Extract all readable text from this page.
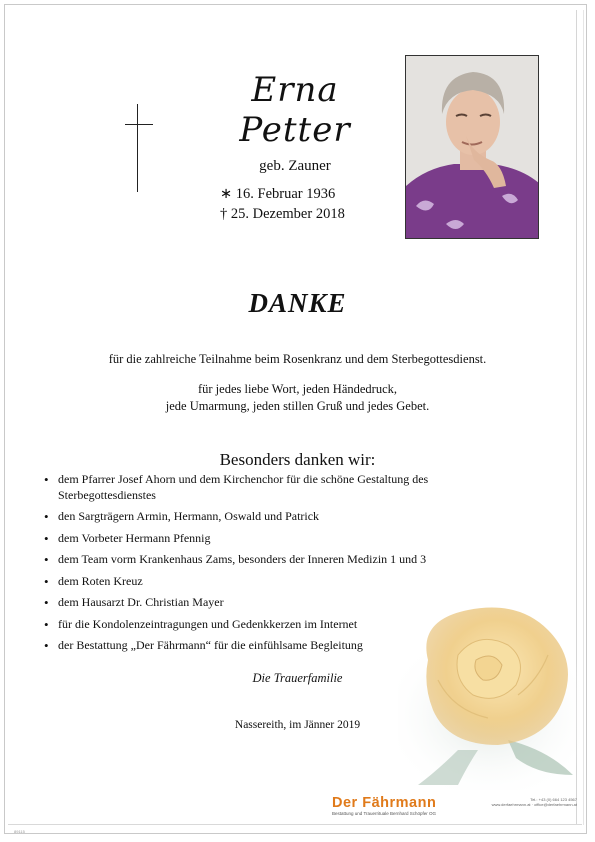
Erna
Petter
geb. Zauner
∗ 16. Februar 1936
† 25. Dezember 2018
DANKE
für die zahlreiche Teilnahme beim Rosenkranz und dem Sterbegottesdienst.
für jedes liebe Wort, jeden Händedruck,
jede Umarmung, jeden stillen Gruß und jedes Gebet.
Besonders danken wir:
• dem Pfarrer Josef Ahorn und dem Kirchenchor für die schöne Gestaltung des Sterbegottesdienstes
• den Sargträgern Armin, Hermann, Oswald und Patrick
• dem Vorbeter Hermann Pfennig
• dem Team vorm Krankenhaus Zams, besonders der Inneren Medizin 1 und 3
• dem Roten Kreuz
• dem Hausarzt Dr. Christian Mayer
• für die Kondolenzeintragungen und Gedenkkerzen im Internet
• der Bestattung „Der Fährmann“ für die einfühlsame Begleitung
Die Trauerfamilie
Nassereith, im Jänner 2019
Der Fährmann
Bestattung und Trauerrituale Bernhard Schöpfer OG
Tel.: +43 (0) 664 123 4567
www.derfaehrmann.at · office@derfaehrmann.at
89115
